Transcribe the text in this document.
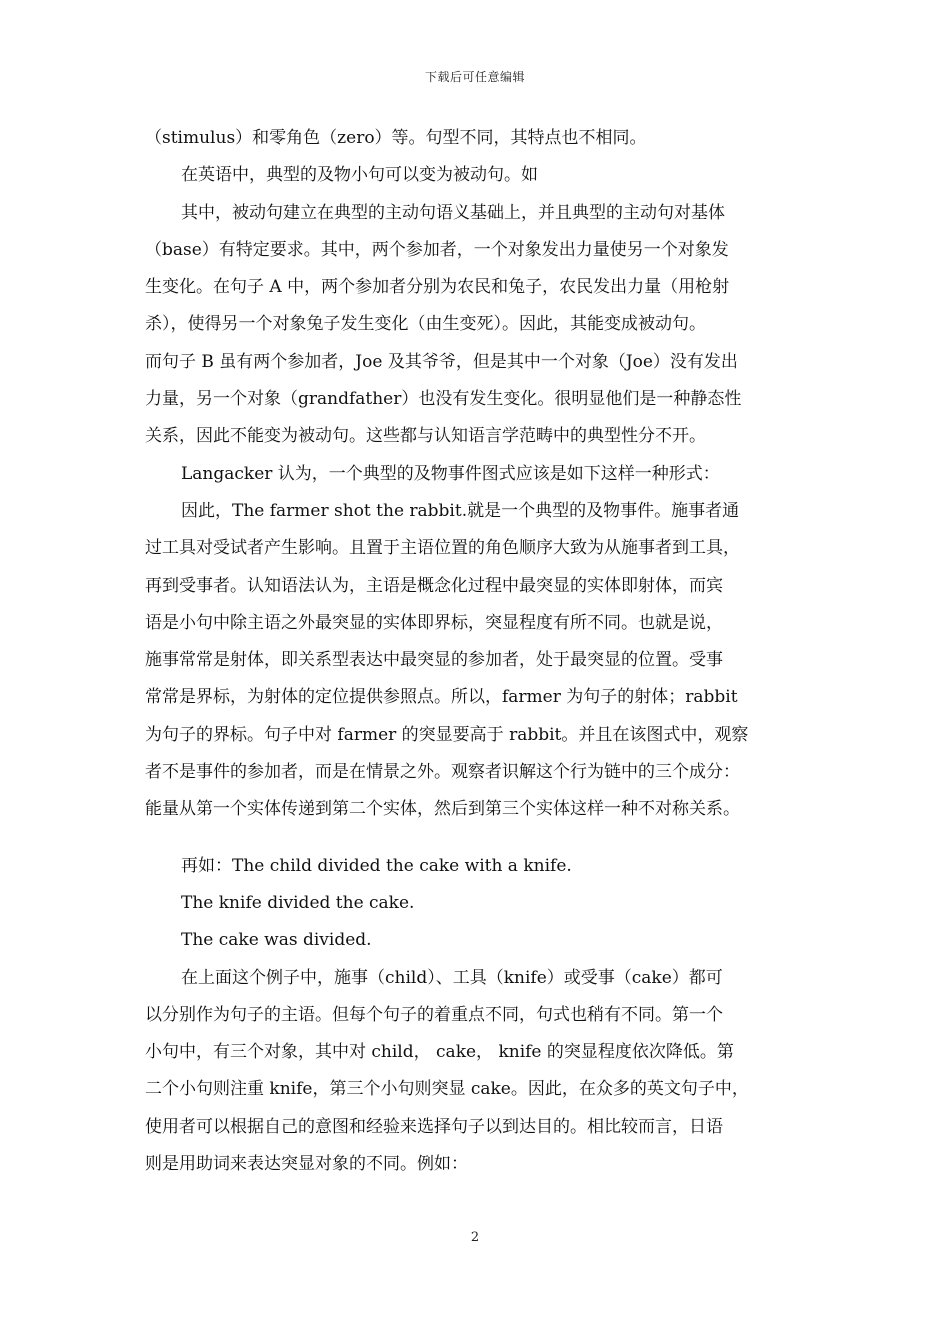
下载后可任意编辑
（stimulus）和零角色（zero）等。句型不同，其特点也不相同。
在英语中，典型的及物小句可以变为被动句。如
其中，被动句建立在典型的主动句语义基础上，并且典型的主动句对基体
（base）有特定要求。其中，两个参加者，一个对象发出力量使另一个对象发
生变化。在句子 A 中，两个参加者分别为农民和兔子，农民发出力量（用枪射
杀），使得另一个对象兔子发生变化（由生变死）。因此，其能变成被动句。
而句子 B 虽有两个参加者，Joe 及其爷爷，但是其中一个对象（Joe）没有发出
力量，另一个对象（grandfather）也没有发生变化。很明显他们是一种静态性
关系，因此不能变为被动句。这些都与认知语言学范畴中的典型性分不开。
Langacker 认为，一个典型的及物事件图式应该是如下这样一种形式：
因此，The farmer shot the rabbit.就是一个典型的及物事件。施事者通
过工具对受试者产生影响。且置于主语位置的角色顺序大致为从施事者到工具，
再到受事者。认知语法认为，主语是概念化过程中最突显的实体即射体，而宾
语是小句中除主语之外最突显的实体即界标，突显程度有所不同。也就是说，
施事常常是射体，即关系型表达中最突显的参加者，处于最突显的位置。受事
常常是界标，为射体的定位提供参照点。所以，farmer 为句子的射体；rabbit
为句子的界标。句子中对 farmer 的突显要高于 rabbit。并且在该图式中，观察
者不是事件的参加者，而是在情景之外。观察者识解这个行为链中的三个成分：
能量从第一个实体传递到第二个实体，然后到第三个实体这样一种不对称关系。
再如：The child divided the cake with a knife.
The knife divided the cake.
The cake was divided.
在上面这个例子中，施事（child）、工具（knife）或受事（cake）都可
以分别作为句子的主语。但每个句子的着重点不同，句式也稍有不同。第一个
小句中，有三个对象，其中对 child， cake， knife 的突显程度依次降低。第
二个小句则注重 knife，第三个小句则突显 cake。因此，在众多的英文句子中，
使用者可以根据自己的意图和经验来选择句子以到达目的。相比较而言，日语
则是用助词来表达突显对象的不同。例如：
2
